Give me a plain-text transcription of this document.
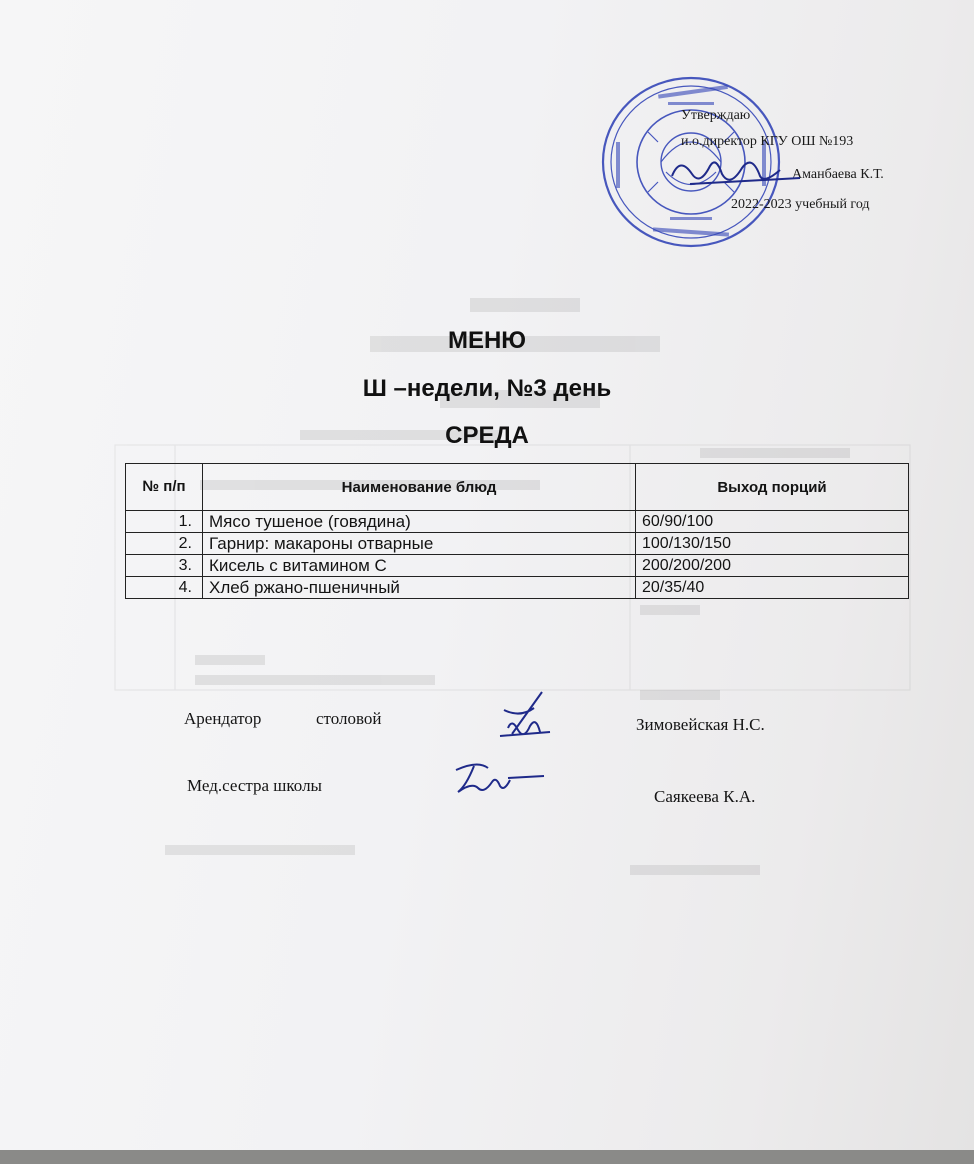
Утверждаю
и.о.директор КГУ ОШ №193
Аманбаева К.Т.
2022-2023 учебный год
МЕНЮ
Ш –недели, №3 день
СРЕДА
№ п/п	Наименование блюд	Выход порций
1.	Мясо тушеное (говядина)	60/90/100
2.	Гарнир: макароны отварные	100/130/150
3.	Кисель с витамином С	200/200/200
4.	Хлеб ржано-пшеничный	20/35/40
Арендатор	столовой	Зимовейская Н.С.
Мед.сестра школы
Саякеева К.А.
